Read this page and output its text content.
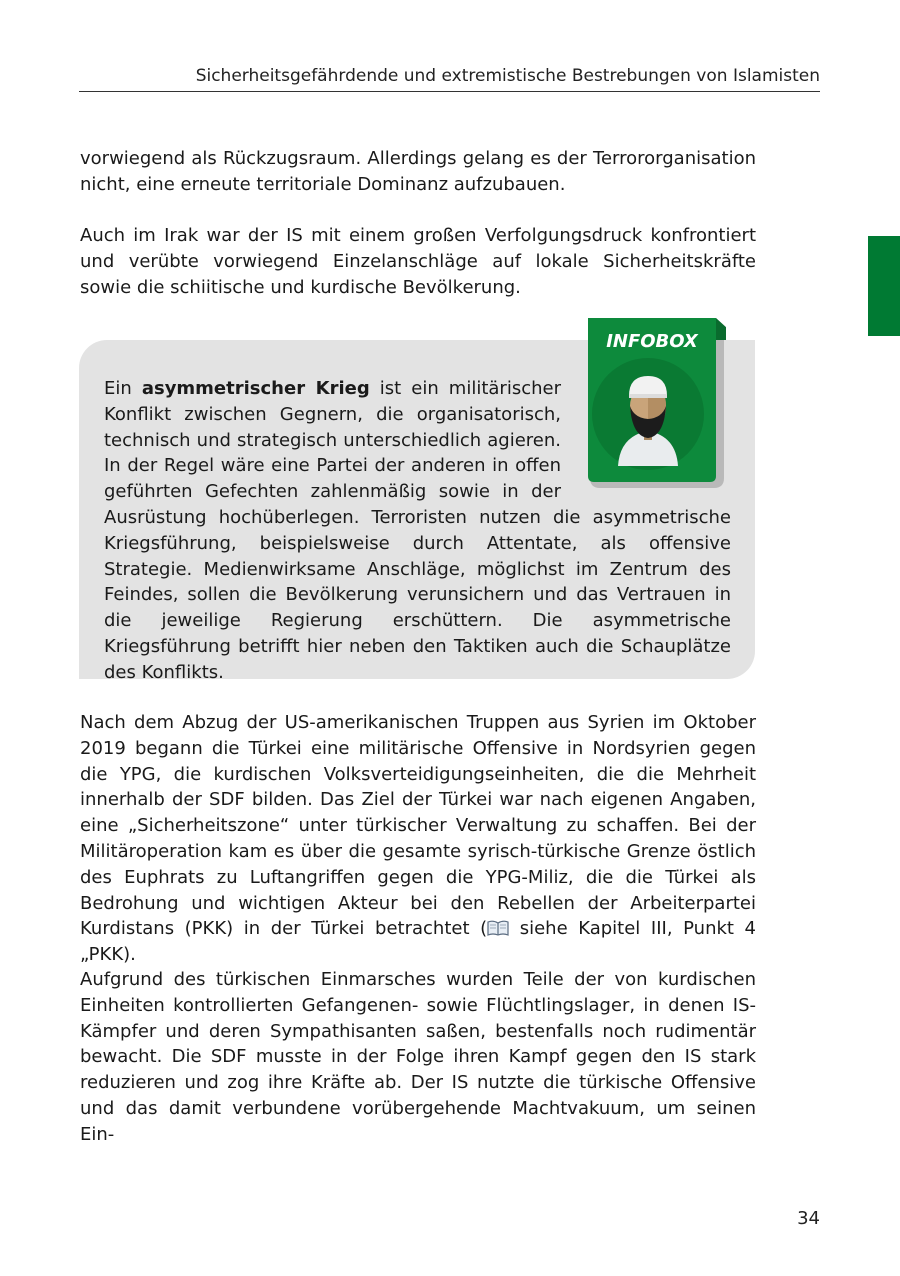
Sicherheitsgefährdende und extremistische Bestrebungen von Islamisten

vorwiegend als Rückzugsraum. Allerdings gelang es der Terrororganisation nicht, eine erneute territoriale Dominanz aufzubauen.

Auch im Irak war der IS mit einem großen Verfolgungsdruck konfrontiert und verübte vorwiegend Einzelanschläge auf lokale Sicherheitskräfte sowie die schiitische und kurdische Bevölkerung.

Ein asymmetrischer Krieg ist ein militärischer Konflikt zwischen Gegnern, die organisatorisch, technisch und strategisch unterschiedlich agieren. In der Regel wäre eine Partei der anderen in offen geführten Gefechten zahlenmäßig sowie in der Ausrüstung hochüberlegen. Terroristen nutzen die asymmetrische Kriegsführung, beispielsweise durch Attentate, als offensive Strategie. Medienwirksame Anschläge, möglichst im Zentrum des Feindes, sollen die Bevölkerung verunsichern und das Vertrauen in die jeweilige Regierung erschüttern. Die asymmetrische Kriegsführung betrifft hier neben den Taktiken auch die Schauplätze des Konflikts.

INFOBOX

Nach dem Abzug der US-amerikanischen Truppen aus Syrien im Oktober 2019 begann die Türkei eine militärische Offensive in Nordsyrien gegen die YPG, die kurdischen Volksverteidigungseinheiten, die die Mehrheit innerhalb der SDF bilden. Das Ziel der Türkei war nach eigenen Angaben, eine „Sicherheitszone“ unter türkischer Verwaltung zu schaffen. Bei der Militäroperation kam es über die gesamte syrisch-türkische Grenze östlich des Euphrats zu Luftangriffen gegen die YPG-Miliz, die die Türkei als Bedrohung und wichtigen Akteur bei den Rebellen der Arbeiterpartei Kurdistans (PKK) in der Türkei betrachtet ( siehe Kapitel III, Punkt 4 „PKK).

Aufgrund des türkischen Einmarsches wurden Teile der von kurdischen Einheiten kontrollierten Gefangenen- sowie Flüchtlingslager, in denen IS-Kämpfer und deren Sympathisanten saßen, bestenfalls noch rudimentär bewacht. Die SDF musste in der Folge ihren Kampf gegen den IS stark reduzieren und zog ihre Kräfte ab. Der IS nutzte die türkische Offensive und das damit verbundene vorübergehende Machtvakuum, um seinen Ein-

34
